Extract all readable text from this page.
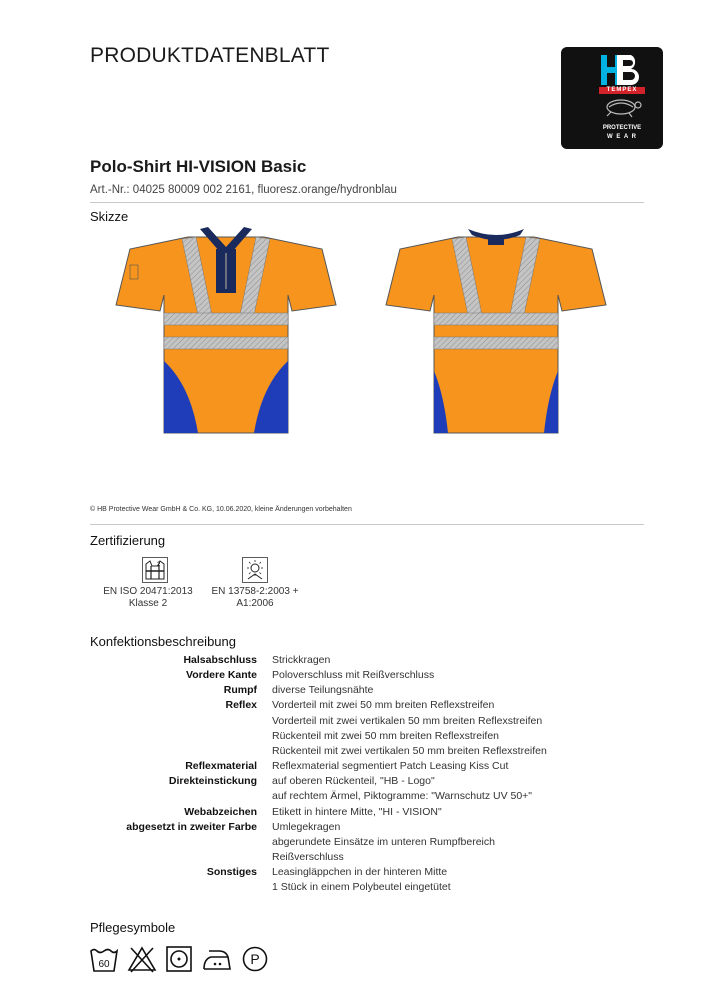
PRODUKTDATENBLATT
TEMPEX
PROTECTIVE
W E A R
Polo-Shirt HI-VISION Basic
Art.-Nr.: 04025 80009 002 2161, fluoresz.orange/hydronblau
Skizze
© HB Protective Wear GmbH & Co. KG, 10.06.2020, kleine Änderungen vorbehalten
Zertifizierung
2
EN ISO 20471:2013
Klasse 2
EN 13758-2:2003 +
A1:2006
Konfektionsbeschreibung
Halsabschluss	Strickkragen
Vordere Kante	Poloverschluss mit Reißverschluss
Rumpf	diverse Teilungsnähte
Reflex	Vorderteil mit zwei 50 mm breiten Reflexstreifen
Vorderteil mit zwei vertikalen 50 mm breiten Reflexstreifen
Rückenteil mit zwei 50 mm breiten Reflexstreifen
Rückenteil mit zwei vertikalen 50 mm breiten Reflexstreifen
Reflexmaterial	Reflexmaterial segmentiert Patch Leasing Kiss Cut
Direkteinstickung	auf oberen Rückenteil, "HB - Logo"
auf rechtem Ärmel, Piktogramme: "Warnschutz UV 50+"
Webabzeichen	Etikett in hintere Mitte, "HI - VISION"
abgesetzt in zweiter Farbe	Umlegekragen
abgerundete Einsätze im unteren Rumpfbereich
Reißverschluss
Sonstiges	Leasingläppchen in der hinteren Mitte
1 Stück in einem Polybeutel eingetütet
Pflegesymbole
60	P
